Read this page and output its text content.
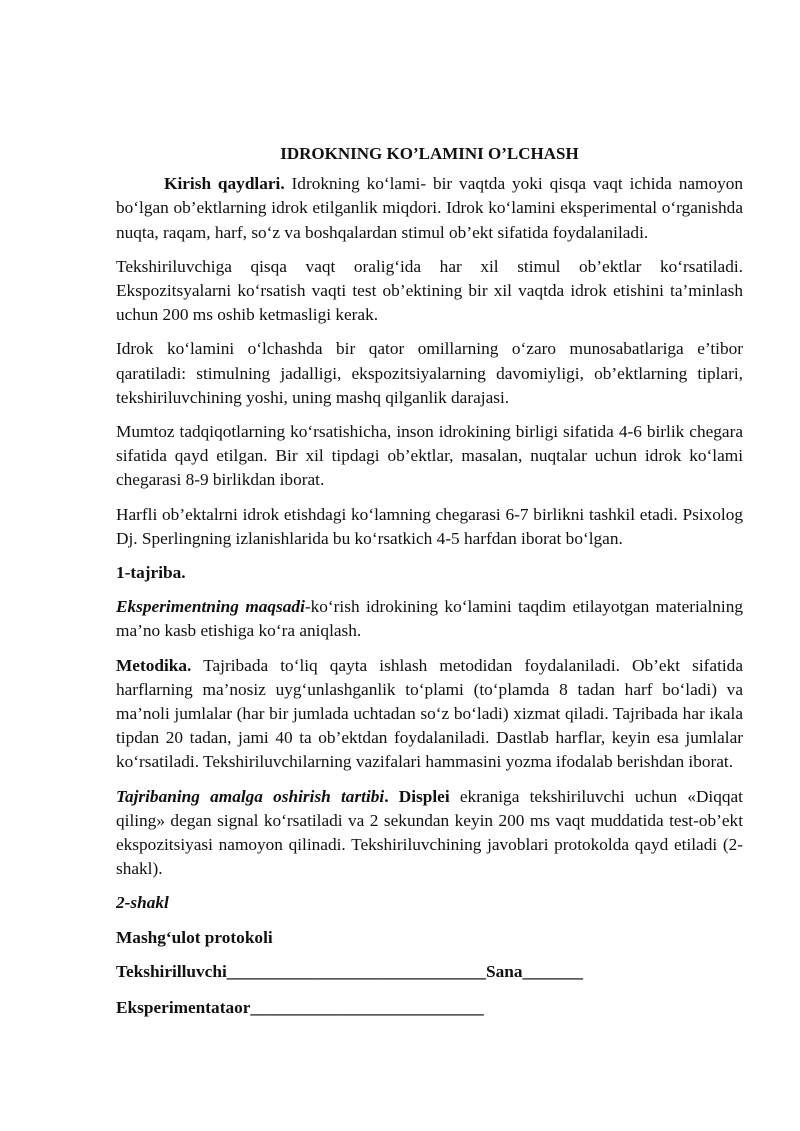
IDROKNING KO’LAMINI O’LCHASH

Kirish qaydlari. Idrokning ko‘lami- bir vaqtda yoki qisqa vaqt ichida namoyon bo‘lgan ob’ektlarning idrok etilganlik miqdori. Idrok ko‘lamini eksperimental o‘rganishda nuqta, raqam, harf, so‘z va boshqalardan stimul ob’ekt sifatida foydalaniladi.

Tekshiriluvchiga qisqa vaqt oralig‘ida har xil stimul ob’ektlar ko‘rsatiladi. Ekspozitsyalarni ko‘rsatish vaqti test ob’ektining bir xil vaqtda idrok etishini ta’minlash uchun 200 ms oshib ketmasligi kerak.

Idrok ko‘lamini o‘lchashda bir qator omillarning o‘zaro munosabatlariga e’tibor qaratiladi: stimulning jadalligi, ekspozitsiyalarning davomiyligi, ob’ektlarning tiplari, tekshiriluvchining yoshi, uning mashq qilganlik darajasi.

Mumtoz tadqiqotlarning ko‘rsatishicha, inson idrokining birligi sifatida 4-6 birlik chegara sifatida qayd etilgan. Bir xil tipdagi ob’ektlar, masalan, nuqtalar uchun idrok ko‘lami chegarasi 8-9 birlikdan iborat.

Harfli ob’ektalrni idrok etishdagi ko‘lamning chegarasi 6-7 birlikni tashkil etadi. Psixolog Dj. Sperlingning izlanishlarida bu ko‘rsatkich 4-5 harfdan iborat bo‘lgan.

1-tajriba.

Eksperimentning maqsadi-ko‘rish idrokining ko‘lamini taqdim etilayotgan materialning ma’no kasb etishiga ko‘ra aniqlash.

Metodika. Tajribada to‘liq qayta ishlash metodidan foydalaniladi. Ob’ekt sifatida harflarning ma’nosiz uyg‘unlashganlik to‘plami (to‘plamda 8 tadan harf bo‘ladi) va ma’noli jumlalar (har bir jumlada uchtadan so‘z bo‘ladi) xizmat qiladi. Tajribada har ikala tipdan 20 tadan, jami 40 ta ob’ektdan foydalaniladi. Dastlab harflar, keyin esa jumlalar ko‘rsatiladi. Tekshiriluvchilarning vazifalari hammasini yozma ifodalab berishdan iborat.

Tajribaning amalga oshirish tartibi. Displei ekraniga tekshiriluvchi uchun «Diqqat qiling» degan signal ko‘rsatiladi va 2 sekundan keyin 200 ms vaqt muddatida test-ob’ekt ekspozitsiyasi namoyon qilinadi. Tekshiriluvchining javoblari protokolda qayd etiladi (2-shakl).

2-shakl
Mashg‘ulot protokoli
Tekshirilluvchi______________________________Sana_______
Eksperimentataor___________________________
